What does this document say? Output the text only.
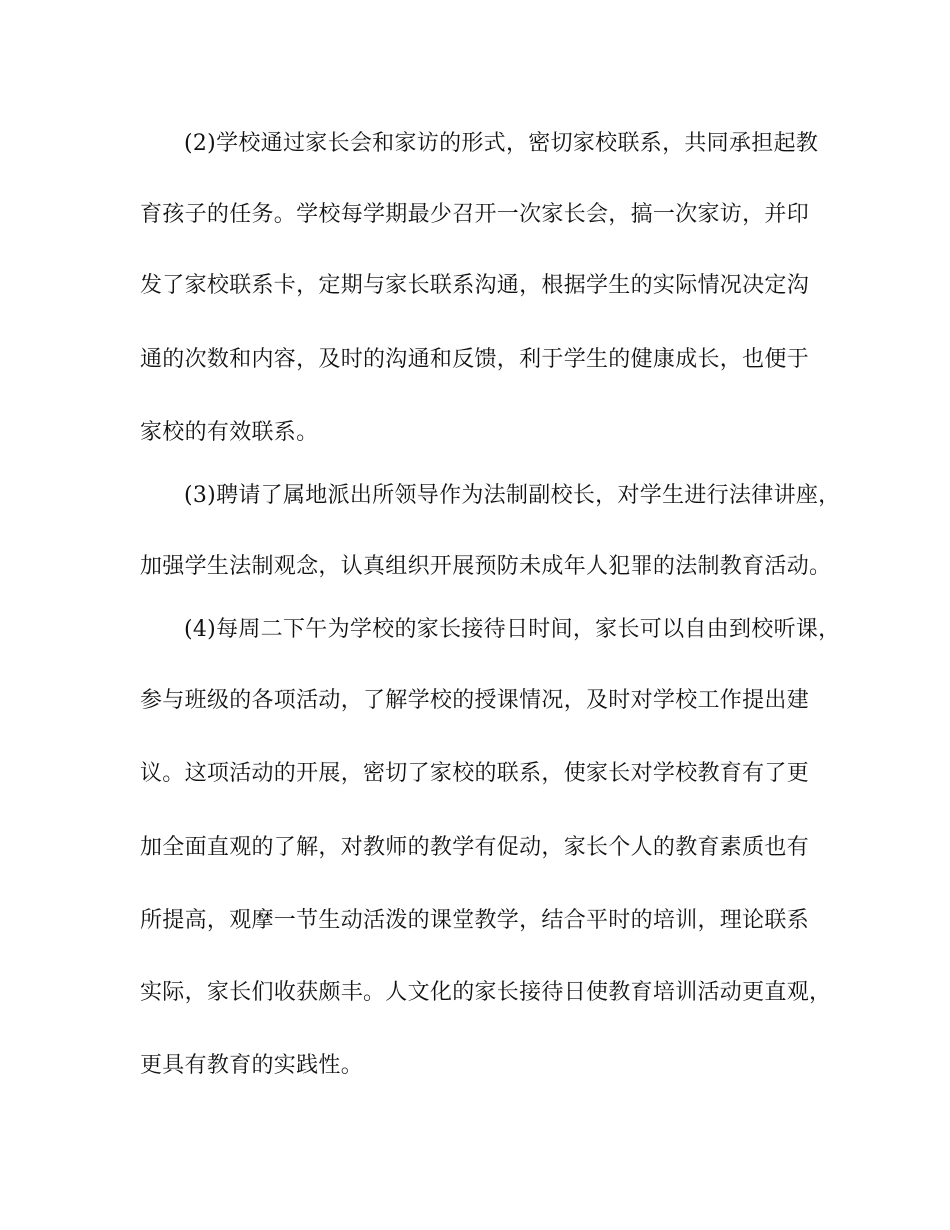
(2)学校通过家长会和家访的形式，密切家校联系，共同承担起教
育孩子的任务。学校每学期最少召开一次家长会，搞一次家访，并印
发了家校联系卡，定期与家长联系沟通，根据学生的实际情况决定沟
通的次数和内容，及时的沟通和反馈，利于学生的健康成长，也便于
家校的有效联系。
(3)聘请了属地派出所领导作为法制副校长，对学生进行法律讲座，
加强学生法制观念，认真组织开展预防未成年人犯罪的法制教育活动。
(4)每周二下午为学校的家长接待日时间，家长可以自由到校听课，
参与班级的各项活动，了解学校的授课情况，及时对学校工作提出建
议。这项活动的开展，密切了家校的联系，使家长对学校教育有了更
加全面直观的了解，对教师的教学有促动，家长个人的教育素质也有
所提高，观摩一节生动活泼的课堂教学，结合平时的培训，理论联系
实际，家长们收获颇丰。人文化的家长接待日使教育培训活动更直观，
更具有教育的实践性。
